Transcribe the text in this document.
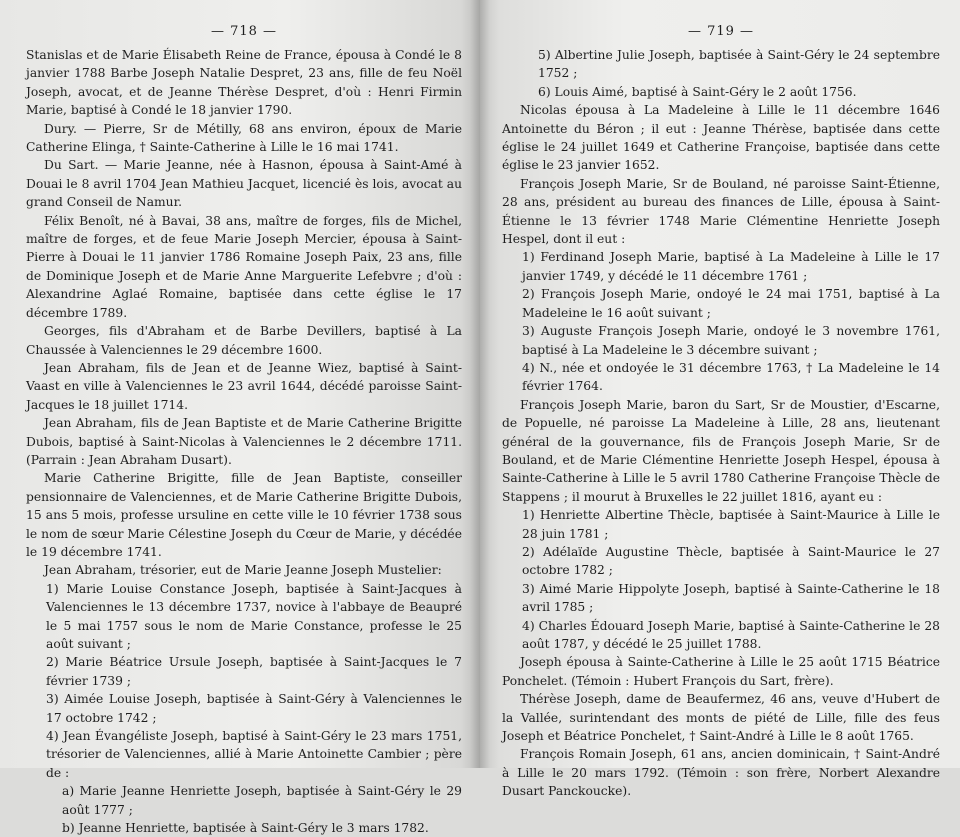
— 718 —

Stanislas et de Marie Élisabeth Reine de France, épousa à Condé le 8 janvier 1788 Barbe Joseph Natalie Despret, 23 ans, fille de feu Noël Joseph, avocat, et de Jeanne Thérèse Despret, d'où : Henri Firmin Marie, baptisé à Condé le 18 janvier 1790.

Dury. — Pierre, Sr de Métilly, 68 ans environ, époux de Marie Catherine Elinga, † Sainte-Catherine à Lille le 16 mai 1741.

Du Sart. — Marie Jeanne, née à Hasnon, épousa à Saint-Amé à Douai le 8 avril 1704 Jean Mathieu Jacquet, licencié ès lois, avocat au grand Conseil de Namur.

Félix Benoît, né à Bavai, 38 ans, maître de forges, fils de Michel, maître de forges, et de feue Marie Joseph Mercier, épousa à Saint-Pierre à Douai le 11 janvier 1786 Romaine Joseph Paix, 23 ans, fille de Dominique Joseph et de Marie Anne Marguerite Lefebvre ; d'où : Alexandrine Aglaé Romaine, baptisée dans cette église le 17 décembre 1789.

Georges, fils d'Abraham et de Barbe Devillers, baptisé à La Chaussée à Valenciennes le 29 décembre 1600.

Jean Abraham, fils de Jean et de Jeanne Wiez, baptisé à Saint-Vaast en ville à Valenciennes le 23 avril 1644, décédé paroisse Saint-Jacques le 18 juillet 1714.

Jean Abraham, fils de Jean Baptiste et de Marie Catherine Brigitte Dubois, baptisé à Saint-Nicolas à Valenciennes le 2 décembre 1711. (Parrain : Jean Abraham Dusart).

Marie Catherine Brigitte, fille de Jean Baptiste, conseiller pensionnaire de Valenciennes, et de Marie Catherine Brigitte Dubois, 15 ans 5 mois, professe ursuline en cette ville le 10 février 1738 sous le nom de sœur Marie Célestine Joseph du Cœur de Marie, y décédée le 19 décembre 1741.

Jean Abraham, trésorier, eut de Marie Jeanne Joseph Mustelier:

1) Marie Louise Constance Joseph, baptisée à Saint-Jacques à Valenciennes le 13 décembre 1737, novice à l'abbaye de Beaupré le 5 mai 1757 sous le nom de Marie Constance, professe le 25 août suivant ;

2) Marie Béatrice Ursule Joseph, baptisée à Saint-Jacques le 7 février 1739 ;

3) Aimée Louise Joseph, baptisée à Saint-Géry à Valenciennes le 17 octobre 1742 ;

4) Jean Évangéliste Joseph, baptisé à Saint-Géry le 23 mars 1751, trésorier de Valenciennes, allié à Marie Antoinette Cambier ; père de :

a) Marie Jeanne Henriette Joseph, baptisée à Saint-Géry le 29 août 1777 ;

b) Jeanne Henriette, baptisée à Saint-Géry le 3 mars 1782.

— 719 —

5) Albertine Julie Joseph, baptisée à Saint-Géry le 24 septembre 1752 ;

6) Louis Aimé, baptisé à Saint-Géry le 2 août 1756.

Nicolas épousa à La Madeleine à Lille le 11 décembre 1646 Antoinette du Béron ; il eut : Jeanne Thérèse, baptisée dans cette église le 24 juillet 1649 et Catherine Françoise, baptisée dans cette église le 23 janvier 1652.

François Joseph Marie, Sr de Bouland, né paroisse Saint-Étienne, 28 ans, président au bureau des finances de Lille, épousa à Saint-Étienne le 13 février 1748 Marie Clémentine Henriette Joseph Hespel, dont il eut :

1) Ferdinand Joseph Marie, baptisé à La Madeleine à Lille le 17 janvier 1749, y décédé le 11 décembre 1761 ;

2) François Joseph Marie, ondoyé le 24 mai 1751, baptisé à La Madeleine le 16 août suivant ;

3) Auguste François Joseph Marie, ondoyé le 3 novembre 1761, baptisé à La Madeleine le 3 décembre suivant ;

4) N., née et ondoyée le 31 décembre 1763, † La Madeleine le 14 février 1764.

François Joseph Marie, baron du Sart, Sr de Moustier, d'Escarne, de Popuelle, né paroisse La Madeleine à Lille, 28 ans, lieutenant général de la gouvernance, fils de François Joseph Marie, Sr de Bouland, et de Marie Clémentine Henriette Joseph Hespel, épousa à Sainte-Catherine à Lille le 5 avril 1780 Catherine Françoise Thècle de Stappens ; il mourut à Bruxelles le 22 juillet 1816, ayant eu :

1) Henriette Albertine Thècle, baptisée à Saint-Maurice à Lille le 28 juin 1781 ;

2) Adélaïde Augustine Thècle, baptisée à Saint-Maurice le 27 octobre 1782 ;

3) Aimé Marie Hippolyte Joseph, baptisé à Sainte-Catherine le 18 avril 1785 ;

4) Charles Édouard Joseph Marie, baptisé à Sainte-Catherine le 28 août 1787, y décédé le 25 juillet 1788.

Joseph épousa à Sainte-Catherine à Lille le 25 août 1715 Béatrice Ponchelet. (Témoin : Hubert François du Sart, frère).

Thérèse Joseph, dame de Beaufermez, 46 ans, veuve d'Hubert de la Vallée, surintendant des monts de piété de Lille, fille des feus Joseph et Béatrice Ponchelet, † Saint-André à Lille le 8 août 1765.

François Romain Joseph, 61 ans, ancien dominicain, † Saint-André à Lille le 20 mars 1792. (Témoin : son frère, Norbert Alexandre Dusart Panckoucke).
